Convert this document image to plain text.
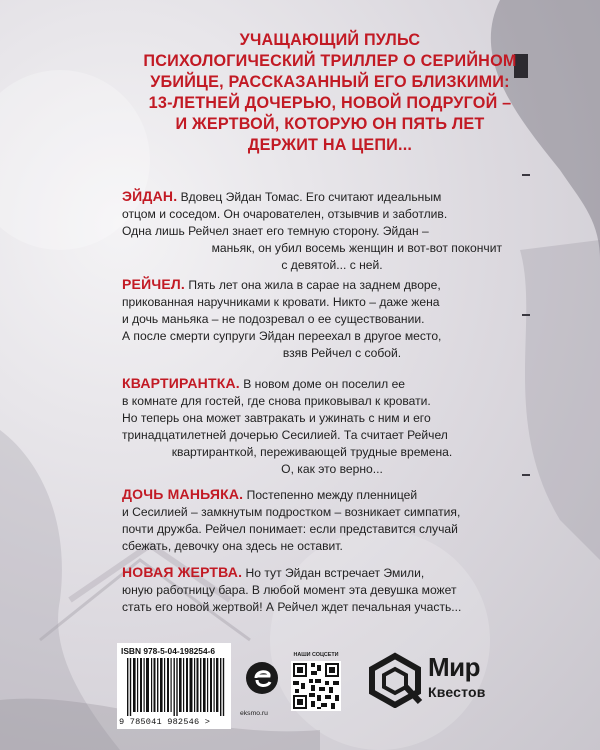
УЧАЩАЮЩИЙ ПУЛЬС
ПСИХОЛОГИЧЕСКИЙ ТРИЛЛЕР О СЕРИЙНОМ
УБИЙЦЕ, РАССКАЗАННЫЙ ЕГО БЛИЗКИМИ:
13-ЛЕТНЕЙ ДОЧЕРЬЮ, НОВОЙ ПОДРУГОЙ –
И ЖЕРТВОЙ, КОТОРУЮ ОН ПЯТЬ ЛЕТ
ДЕРЖИТ НА ЦЕПИ...
ЭЙДАН. Вдовец Эйдан Томас. Его считают идеальным
отцом и соседом. Он очарователен, отзывчив и заботлив.
Одна лишь Рейчел знает его темную сторону. Эйдан –
маньяк, он убил восемь женщин и вот-вот покончит
с девятой... с ней.
РЕЙЧЕЛ. Пять лет она жила в сарае на заднем дворе,
прикованная наручниками к кровати. Никто – даже жена
и дочь маньяка – не подозревал о ее существовании.
А после смерти супруги Эйдан переехал в другое место,
взяв Рейчел с собой.
КВАРТИРАНТКА. В новом доме он поселил ее
в комнате для гостей, где снова приковывал к кровати.
Но теперь она может завтракать и ужинать с ним и его
тринадцатилетней дочерью Сесилией. Та считает Рейчел
квартиранткой, переживающей трудные времена.
О, как это верно...
ДОЧЬ МАНЬЯКА. Постепенно между пленницей
и Сесилией – замкнутым подростком – возникает симпатия,
почти дружба. Рейчел понимает: если представится случай
сбежать, девочку она здесь не оставит.
НОВАЯ ЖЕРТВА. Но тут Эйдан встречает Эмили,
юную работницу бара. В любой момент эта девушка может
стать его новой жертвой! А Рейчел ждет печальная участь...
ISBN 978-5-04-198254-6
9 785041 982546 >
eksmo.ru
НАШИ СОЦСЕТИ	Мир
Квестов
